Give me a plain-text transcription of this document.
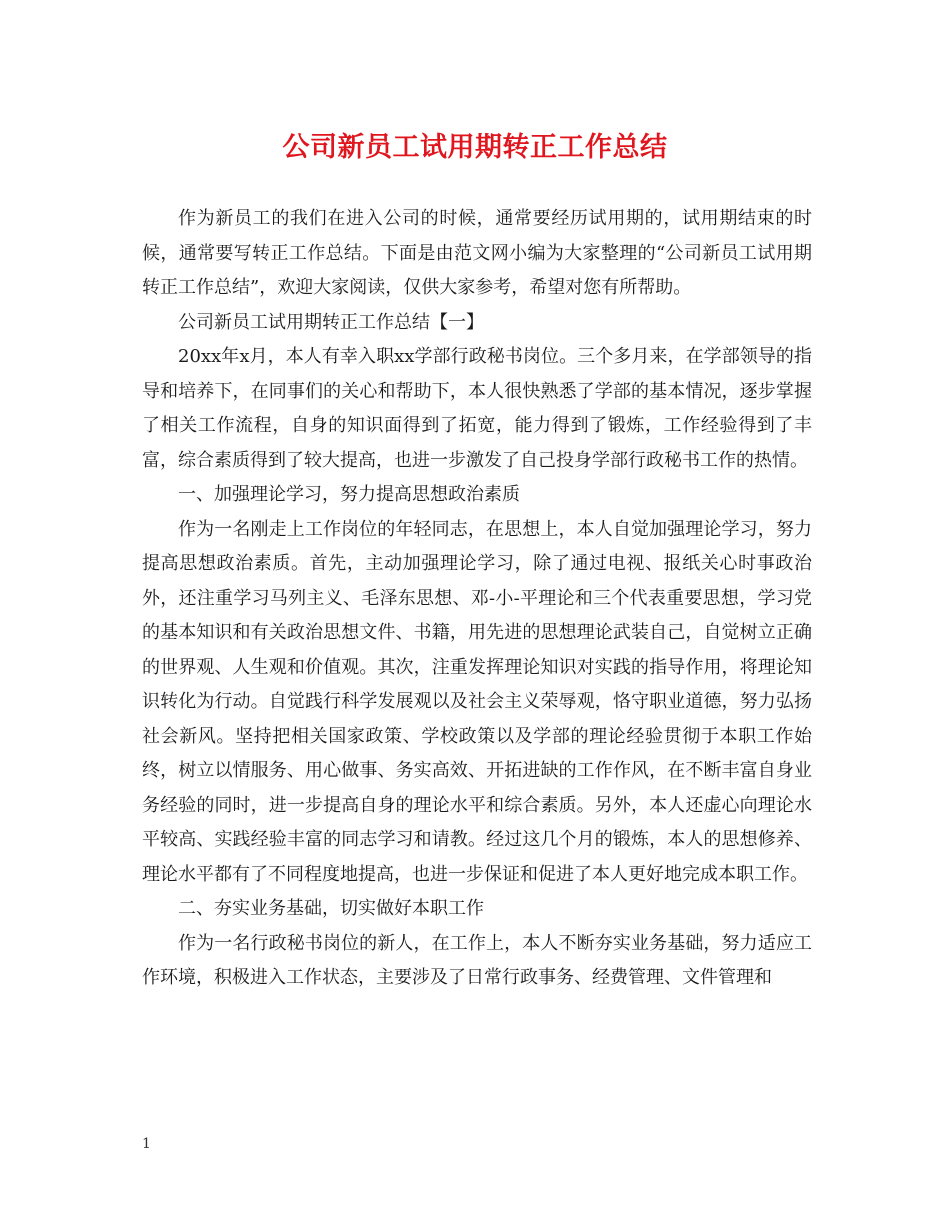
公司新员工试用期转正工作总结

作为新员工的我们在进入公司的时候，通常要经历试用期的，试用期结束的时候，通常要写转正工作总结。下面是由范文网小编为大家整理的“公司新员工试用期转正工作总结”，欢迎大家阅读，仅供大家参考，希望对您有所帮助。

公司新员工试用期转正工作总结【一】

20xx年x月，本人有幸入职xx学部行政秘书岗位。三个多月来，在学部领导的指导和培养下，在同事们的关心和帮助下，本人很快熟悉了学部的基本情况，逐步掌握了相关工作流程，自身的知识面得到了拓宽，能力得到了锻炼，工作经验得到了丰富，综合素质得到了较大提高，也进一步激发了自己投身学部行政秘书工作的热情。

一、加强理论学习，努力提高思想政治素质

作为一名刚走上工作岗位的年轻同志，在思想上，本人自觉加强理论学习，努力提高思想政治素质。首先，主动加强理论学习，除了通过电视、报纸关心时事政治外，还注重学习马列主义、毛泽东思想、邓-小-平理论和三个代表重要思想，学习党的基本知识和有关政治思想文件、书籍，用先进的思想理论武装自己，自觉树立正确的世界观、人生观和价值观。其次，注重发挥理论知识对实践的指导作用，将理论知识转化为行动。自觉践行科学发展观以及社会主义荣辱观，恪守职业道德，努力弘扬社会新风。坚持把相关国家政策、学校政策以及学部的理论经验贯彻于本职工作始终，树立以情服务、用心做事、务实高效、开拓进缺的工作作风，在不断丰富自身业务经验的同时，进一步提高自身的理论水平和综合素质。另外，本人还虚心向理论水平较高、实践经验丰富的同志学习和请教。经过这几个月的锻炼，本人的思想修养、理论水平都有了不同程度地提高，也进一步保证和促进了本人更好地完成本职工作。

二、夯实业务基础，切实做好本职工作

作为一名行政秘书岗位的新人，在工作上，本人不断夯实业务基础，努力适应工作环境，积极进入工作状态，主要涉及了日常行政事务、经费管理、文件管理和

1
